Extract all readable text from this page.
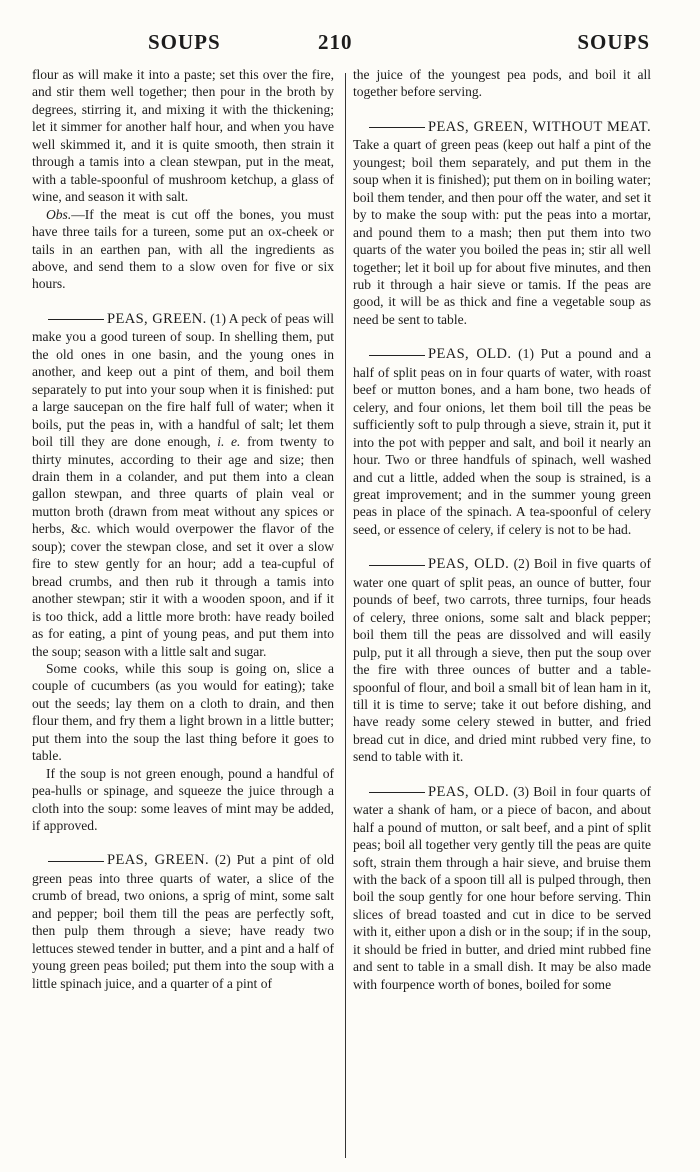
SOUPS	210	SOUPS

flour as will make it into a paste; set this over the fire, and stir them well together; then pour in the broth by degrees, stirring it, and mixing it with the thickening; let it simmer for another half hour, and when you have well skimmed it, and it is quite smooth, then strain it through a tamis into a clean stewpan, put in the meat, with a table-spoonful of mushroom ketchup, a glass of wine, and season it with salt.

Obs.—If the meat is cut off the bones, you must have three tails for a tureen, some put an ox-cheek or tails in an earthen pan, with all the ingredients as above, and send them to a slow oven for five or six hours.

PEAS, GREEN. (1) A peck of peas will make you a good tureen of soup. In shelling them, put the old ones in one basin, and the young ones in another, and keep out a pint of them, and boil them separately to put into your soup when it is finished: put a large saucepan on the fire half full of water; when it boils, put the peas in, with a handful of salt; let them boil till they are done enough, i. e. from twenty to thirty minutes, according to their age and size; then drain them in a colander, and put them into a clean gallon stewpan, and three quarts of plain veal or mutton broth (drawn from meat without any spices or herbs, &c. which would overpower the flavor of the soup); cover the stewpan close, and set it over a slow fire to stew gently for an hour; add a tea-cupful of bread crumbs, and then rub it through a tamis into another stewpan; stir it with a wooden spoon, and if it is too thick, add a little more broth: have ready boiled as for eating, a pint of young peas, and put them into the soup; season with a little salt and sugar.

Some cooks, while this soup is going on, slice a couple of cucumbers (as you would for eating); take out the seeds; lay them on a cloth to drain, and then flour them, and fry them a light brown in a little butter; put them into the soup the last thing before it goes to table.

If the soup is not green enough, pound a handful of pea-hulls or spinage, and squeeze the juice through a cloth into the soup: some leaves of mint may be added, if approved.

PEAS, GREEN. (2) Put a pint of old green peas into three quarts of water, a slice of the crumb of bread, two onions, a sprig of mint, some salt and pepper; boil them till the peas are perfectly soft, then pulp them through a sieve; have ready two lettuces stewed tender in butter, and a pint and a half of young green peas boiled; put them into the soup with a little spinach juice, and a quarter of a pint of

the juice of the youngest pea pods, and boil it all together before serving.

PEAS, GREEN, WITHOUT MEAT. Take a quart of green peas (keep out half a pint of the youngest; boil them separately, and put them in the soup when it is finished); put them on in boiling water; boil them tender, and then pour off the water, and set it by to make the soup with: put the peas into a mortar, and pound them to a mash; then put them into two quarts of the water you boiled the peas in; stir all well together; let it boil up for about five minutes, and then rub it through a hair sieve or tamis. If the peas are good, it will be as thick and fine a vegetable soup as need be sent to table.

PEAS, OLD. (1) Put a pound and a half of split peas on in four quarts of water, with roast beef or mutton bones, and a ham bone, two heads of celery, and four onions, let them boil till the peas be sufficiently soft to pulp through a sieve, strain it, put it into the pot with pepper and salt, and boil it nearly an hour. Two or three handfuls of spinach, well washed and cut a little, added when the soup is strained, is a great improvement; and in the summer young green peas in place of the spinach. A tea-spoonful of celery seed, or essence of celery, if celery is not to be had.

PEAS, OLD. (2) Boil in five quarts of water one quart of split peas, an ounce of butter, four pounds of beef, two carrots, three turnips, four heads of celery, three onions, some salt and black pepper; boil them till the peas are dissolved and will easily pulp, put it all through a sieve, then put the soup over the fire with three ounces of butter and a table-spoonful of flour, and boil a small bit of lean ham in it, till it is time to serve; take it out before dishing, and have ready some celery stewed in butter, and fried bread cut in dice, and dried mint rubbed very fine, to send to table with it.

PEAS, OLD. (3) Boil in four quarts of water a shank of ham, or a piece of bacon, and about half a pound of mutton, or salt beef, and a pint of split peas; boil all together very gently till the peas are quite soft, strain them through a hair sieve, and bruise them with the back of a spoon till all is pulped through, then boil the soup gently for one hour before serving. Thin slices of bread toasted and cut in dice to be served with it, either upon a dish or in the soup; if in the soup, it should be fried in butter, and dried mint rubbed fine and sent to table in a small dish. It may be also made with fourpence worth of bones, boiled for some
